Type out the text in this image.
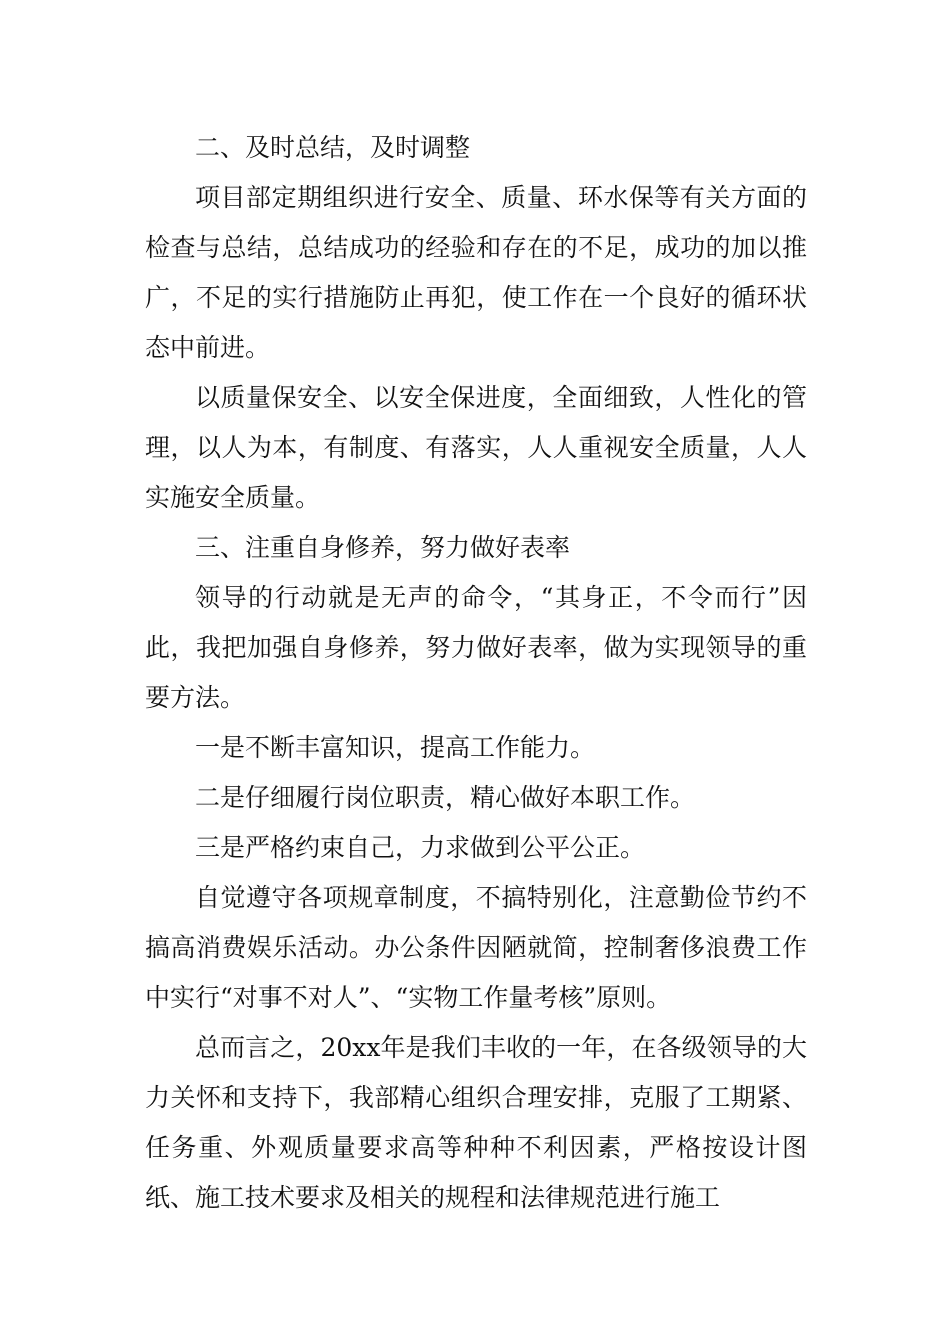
二、及时总结，及时调整

项目部定期组织进行安全、质量、环水保等有关方面的检查与总结，总结成功的经验和存在的不足，成功的加以推广，不足的实行措施防止再犯，使工作在一个良好的循环状态中前进。

以质量保安全、以安全保进度，全面细致，人性化的管理，以人为本，有制度、有落实，人人重视安全质量，人人实施安全质量。

三、注重自身修养，努力做好表率

领导的行动就是无声的命令，“其身正，不令而行”因此，我把加强自身修养，努力做好表率，做为实现领导的重要方法。

一是不断丰富知识，提高工作能力。

二是仔细履行岗位职责，精心做好本职工作。

三是严格约束自己，力求做到公平公正。

自觉遵守各项规章制度，不搞特别化，注意勤俭节约不搞高消费娱乐活动。办公条件因陋就简，控制奢侈浪费工作中实行“对事不对人”、“实物工作量考核”原则。

总而言之，20xx年是我们丰收的一年，在各级领导的大力关怀和支持下，我部精心组织合理安排，克服了工期紧、任务重、外观质量要求高等种种不利因素，严格按设计图纸、施工技术要求及相关的规程和法律规范进行施工
